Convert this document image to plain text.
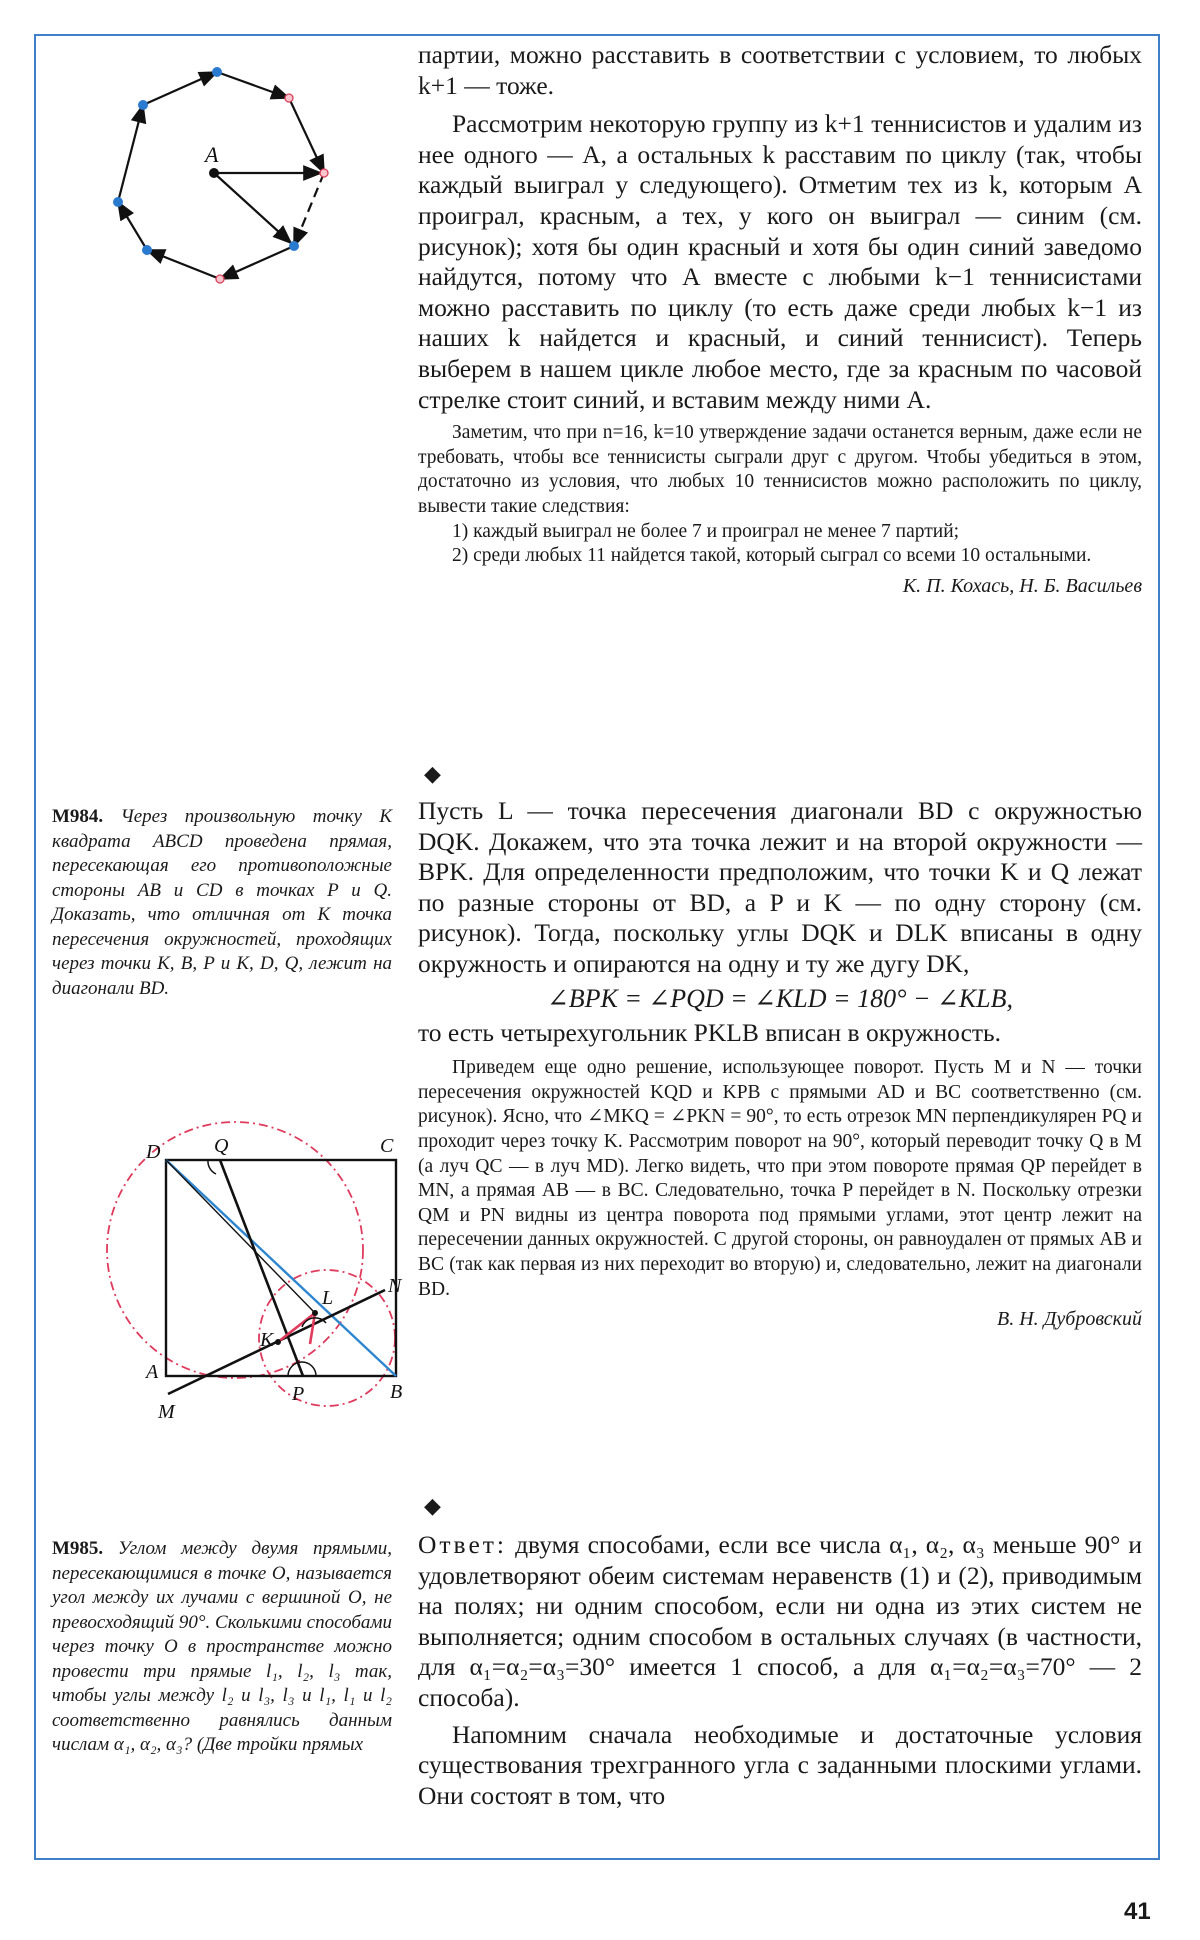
A

партии, можно расставить в соответствии с условием, то любых k+1 — тоже.

Рассмотрим некоторую группу из k+1 теннисистов и удалим из нее одного — A, а остальных k расставим по циклу (так, чтобы каждый выиграл у следующего). Отметим тех из k, которым A проиграл, красным, а тех, у кого он выиграл — синим (см. рисунок); хотя бы один красный и хотя бы один синий заведомо найдутся, потому что A вместе с любыми k−1 теннисистами можно расставить по циклу (то есть даже среди любых k−1 из наших k найдется и красный, и синий теннисист). Теперь выберем в нашем цикле любое место, где за красным по часовой стрелке стоит синий, и вставим между ними A.

Заметим, что при n=16, k=10 утверждение задачи останется верным, даже если не требовать, чтобы все теннисисты сыграли друг с другом. Чтобы убедиться в этом, достаточно из условия, что любых 10 теннисистов можно расположить по циклу, вывести такие следствия:

1) каждый выиграл не более 7 и проиграл не менее 7 партий;

2) среди любых 11 найдется такой, который сыграл со всеми 10 остальными.

К. П. Кохась, Н. Б. Васильев

◆
М984. Через произвольную точку K квадрата ABCD проведена прямая, пересекающая его противоположные стороны AB и CD в точках P и Q. Доказать, что отличная от K точка пересечения окружностей, проходящих через точки K, B, P и K, D, Q, лежит на диагонали BD.

Пусть L — точка пересечения диагонали BD с окружностью DQK. Докажем, что эта точка лежит и на второй окружности — BPK. Для определенности предположим, что точки K и Q лежат по разные стороны от BD, а P и K — по одну сторону (см. рисунок). Тогда, поскольку углы DQK и DLK вписаны в одну окружность и опираются на одну и ту же дугу DK,

∠BPK = ∠PQD = ∠KLD = 180° − ∠KLB,

то есть четырехугольник PKLB вписан в окружность.

Приведем еще одно решение, использующее поворот. Пусть M и N — точки пересечения окружностей KQD и KPB с прямыми AD и BC соответственно (см. рисунок). Ясно, что ∠MKQ = ∠PKN = 90°, то есть отрезок MN перпендикулярен PQ и проходит через точку K. Рассмотрим поворот на 90°, который переводит точку Q в M (а луч QC — в луч MD). Легко видеть, что при этом повороте прямая QP перейдет в MN, а прямая AB — в BC. Следовательно, точка P перейдет в N. Поскольку отрезки QM и PN видны из центра поворота под прямыми углами, этот центр лежит на пересечении данных окружностей. С другой стороны, он равноудален от прямых AB и BC (так как первая из них переходит во вторую) и, следовательно, лежит на диагонали BD.

В. Н. Дубровский

D	Q	C
L
N
K
A
P	B
M
◆
М985. Углом между двумя прямыми, пересекающимися в точке O, называется угол между их лучами с вершиной O, не превосходящий 90°. Сколькими способами через точку O в пространстве можно провести три прямые l₁, l₂, l₃ так, чтобы углы между l₂ и l₃, l₃ и l₁, l₁ и l₂ соответственно равнялись данным числам α₁, α₂, α₃? (Две тройки прямых

Ответ: двумя способами, если все числа α₁, α₂, α₃ меньше 90° и удовлетворяют обеим системам неравенств (1) и (2), приводимым на полях; ни одним способом, если ни одна из этих систем не выполняется; одним способом в остальных случаях (в частности, для α₁=α₂=α₃=30° имеется 1 способ, а для α₁=α₂=α₃=70° — 2 способа).

Напомним сначала необходимые и достаточные условия существования трехгранного угла с заданными плоскими углами. Они состоят в том, что

41
